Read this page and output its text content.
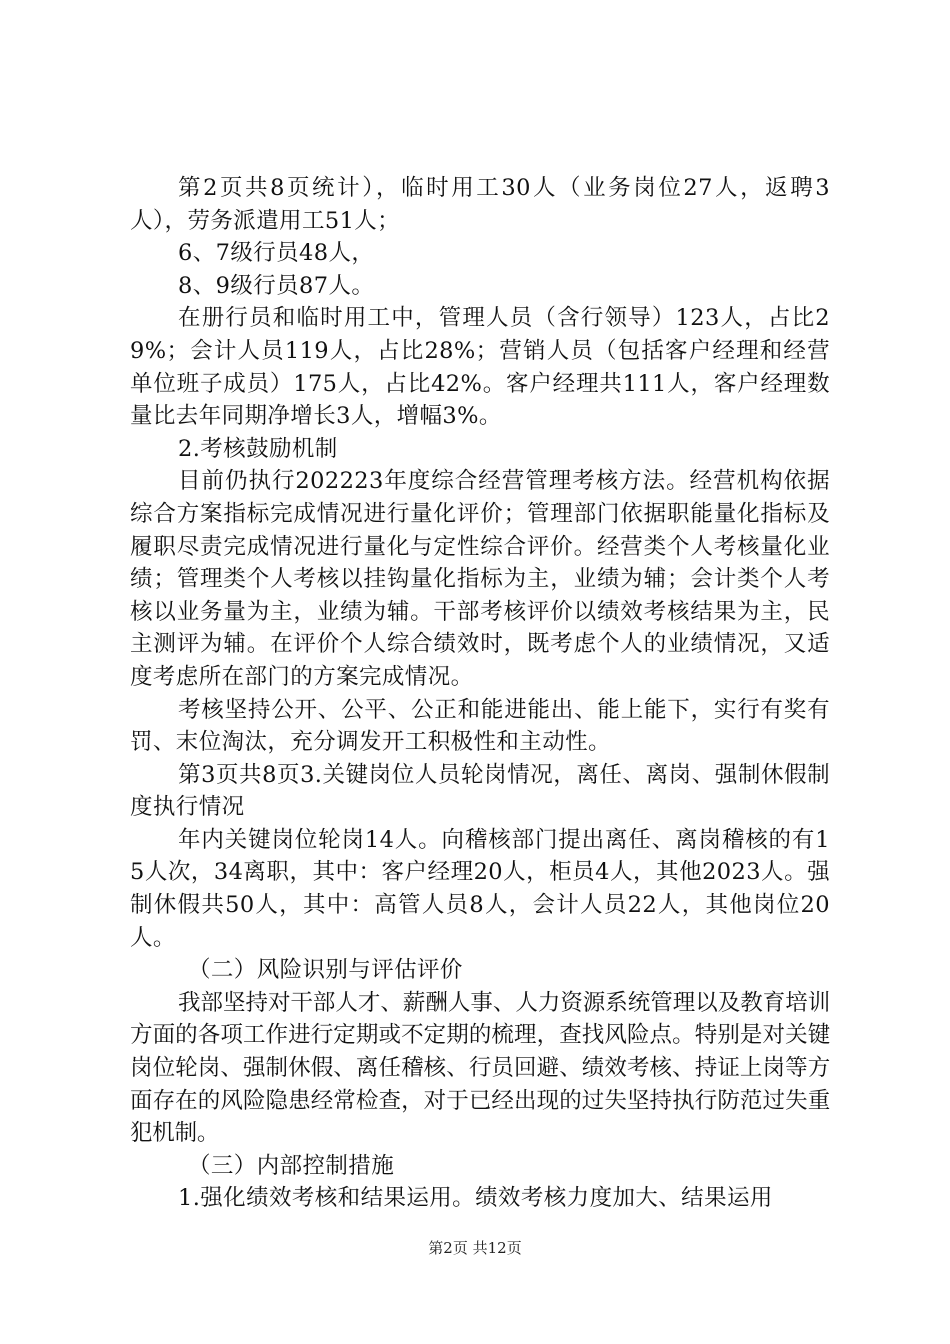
第2页共8页统计），临时用工30人（业务岗位27人，返聘3人），劳务派遣用工51人；

6、7级行员48人，

8、9级行员87人。

在册行员和临时用工中，管理人员（含行领导）123人，占比29%；会计人员119人，占比28%；营销人员（包括客户经理和经营单位班子成员）175人，占比42%。客户经理共111人，客户经理数量比去年同期净增长3人，增幅3%。

2.考核鼓励机制

目前仍执行202223年度综合经营管理考核方法。经营机构依据综合方案指标完成情况进行量化评价；管理部门依据职能量化指标及履职尽责完成情况进行量化与定性综合评价。经营类个人考核量化业绩；管理类个人考核以挂钩量化指标为主，业绩为辅；会计类个人考核以业务量为主，业绩为辅。干部考核评价以绩效考核结果为主，民主测评为辅。在评价个人综合绩效时，既考虑个人的业绩情况，又适度考虑所在部门的方案完成情况。

考核坚持公开、公平、公正和能进能出、能上能下，实行有奖有罚、末位淘汰，充分调发开工积极性和主动性。

第3页共8页3.关键岗位人员轮岗情况，离任、离岗、强制休假制度执行情况

年内关键岗位轮岗14人。向稽核部门提出离任、离岗稽核的有15人次，34离职，其中：客户经理20人，柜员4人，其他2023人。强制休假共50人，其中：高管人员8人，会计人员22人，其他岗位20人。

（二）风险识别与评估评价

我部坚持对干部人才、薪酬人事、人力资源系统管理以及教育培训方面的各项工作进行定期或不定期的梳理，查找风险点。特别是对关键岗位轮岗、强制休假、离任稽核、行员回避、绩效考核、持证上岗等方面存在的风险隐患经常检查，对于已经出现的过失坚持执行防范过失重犯机制。

（三）内部控制措施

1.强化绩效考核和结果运用。绩效考核力度加大、结果运用

第2页 共12页
